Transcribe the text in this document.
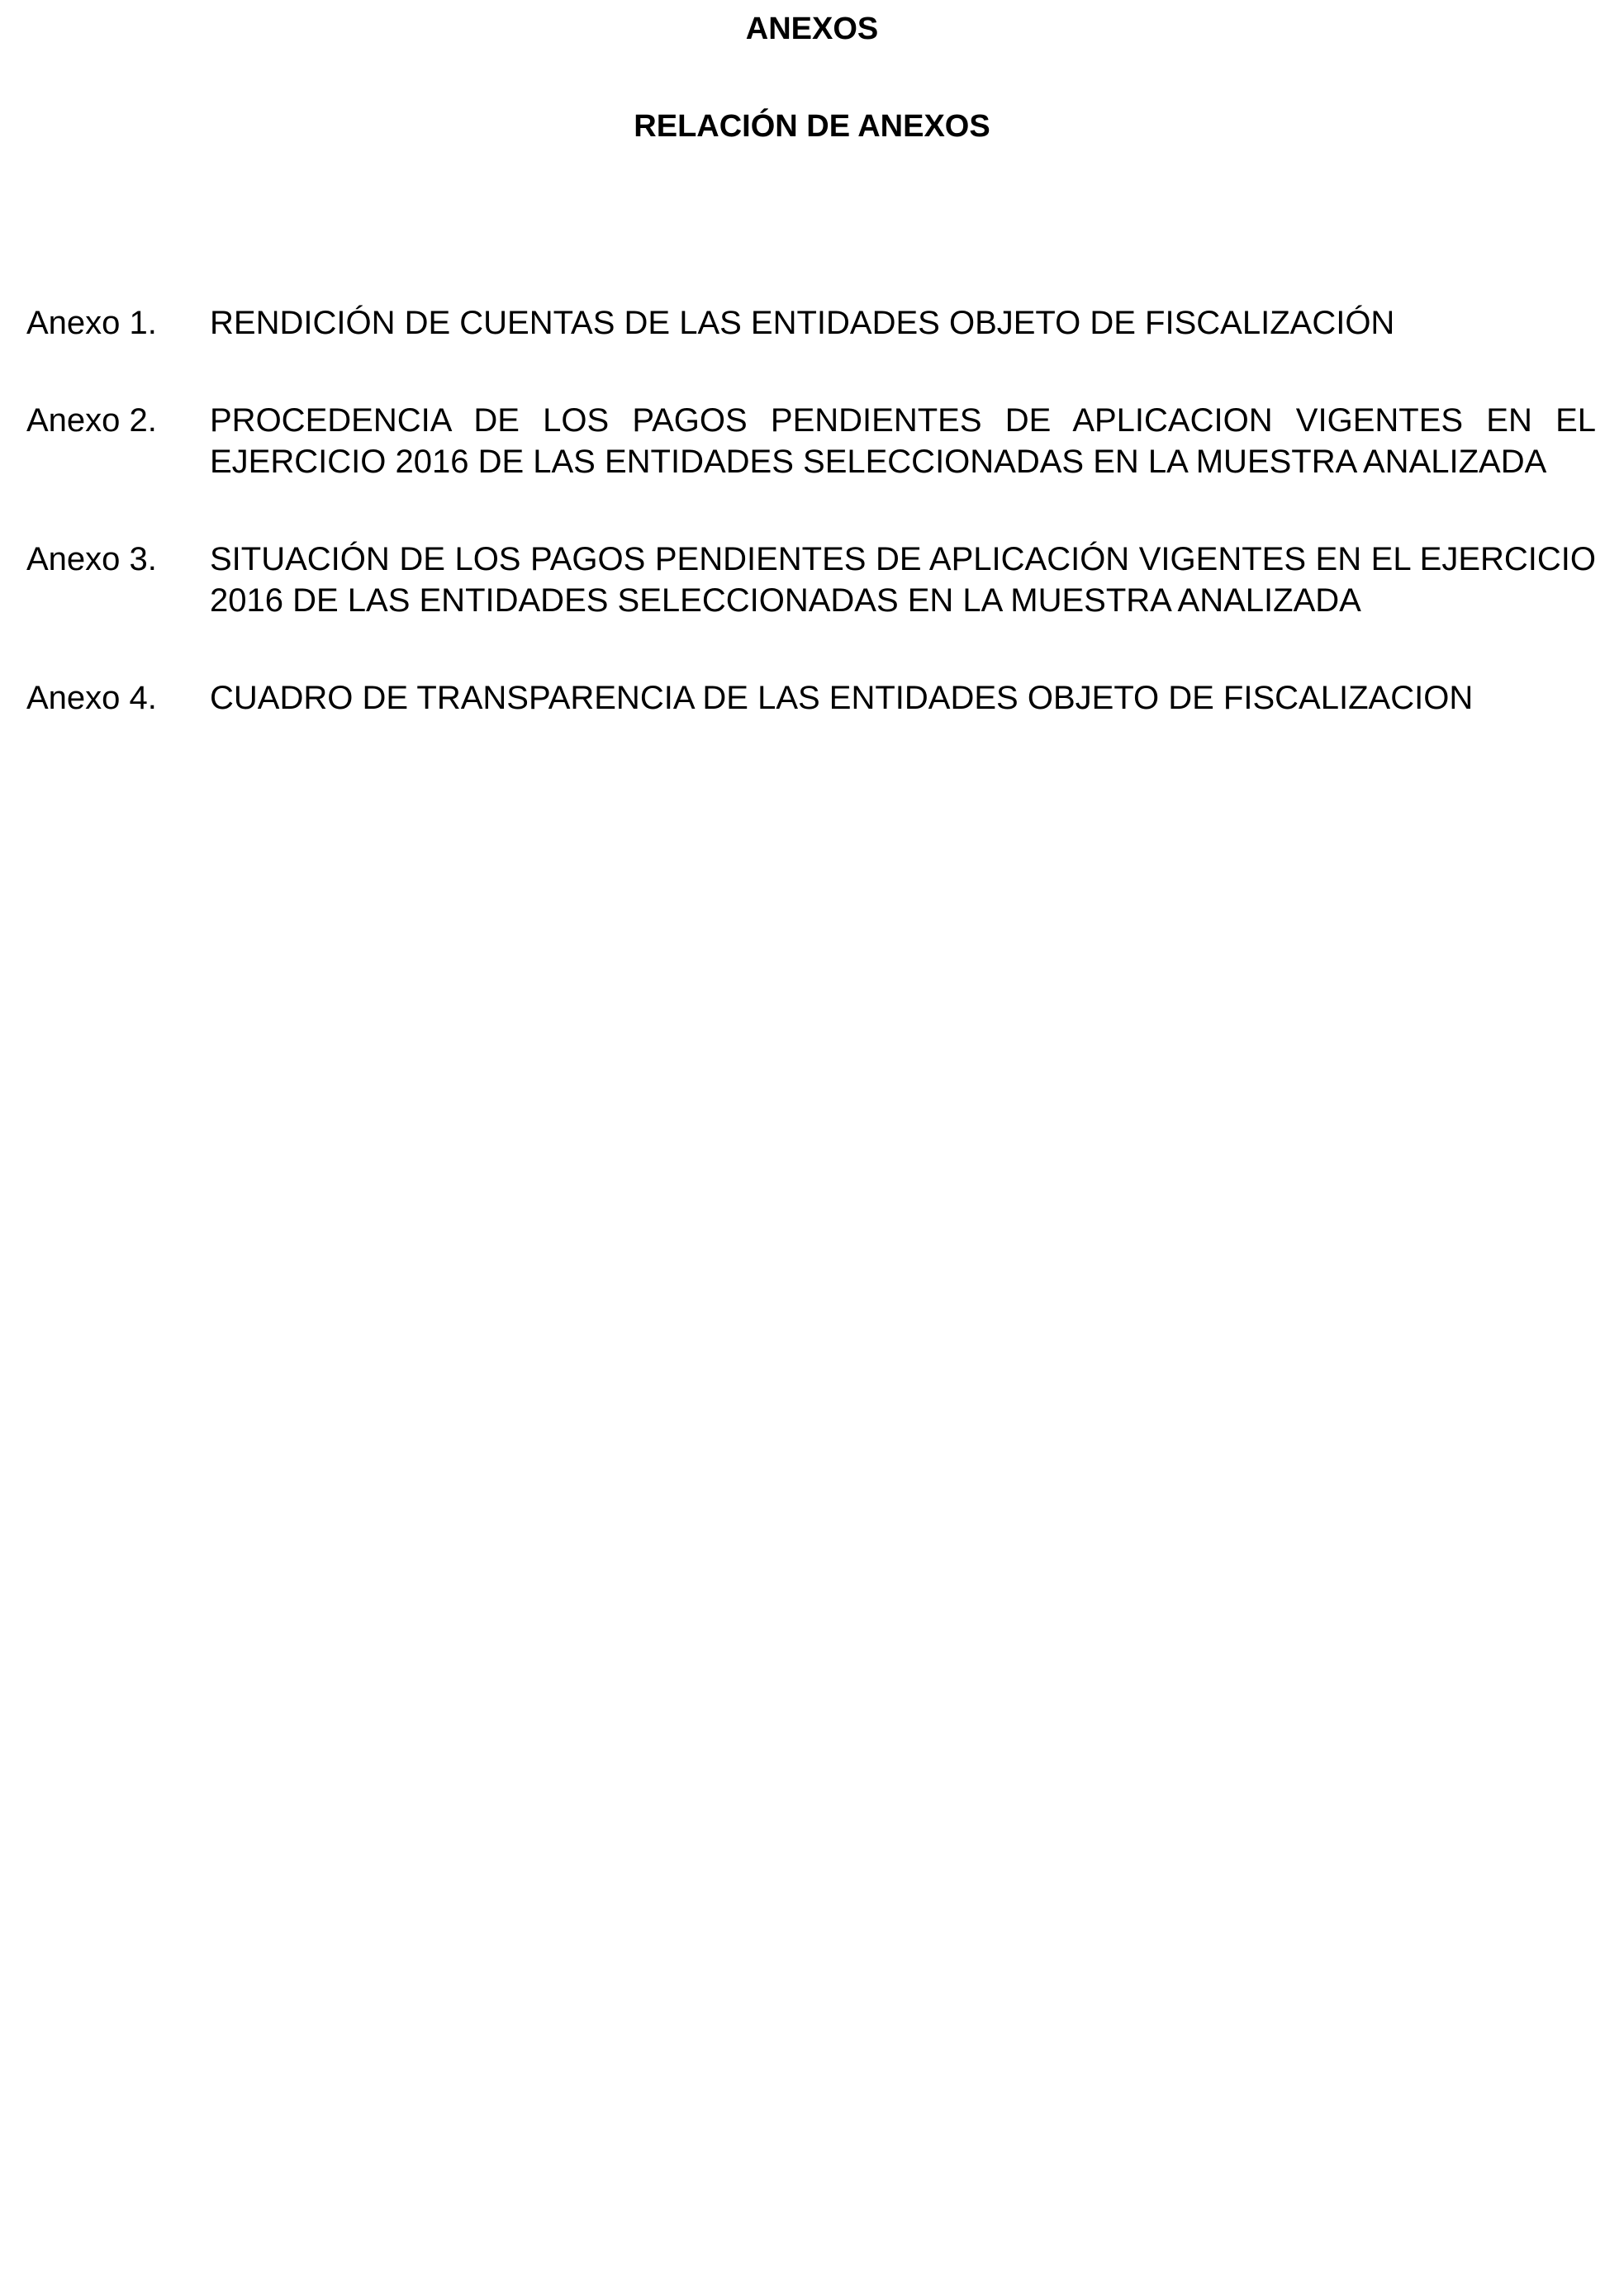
ANEXOS
RELACIÓN DE ANEXOS
Anexo 1.	RENDICIÓN DE CUENTAS DE LAS ENTIDADES OBJETO DE FISCALIZACIÓN
Anexo 2.	PROCEDENCIA DE LOS PAGOS PENDIENTES DE APLICACION VIGENTES EN EL EJERCICIO 2016 DE LAS ENTIDADES SELECCIONADAS EN LA MUESTRA ANALIZADA
Anexo 3.	SITUACIÓN DE LOS PAGOS PENDIENTES DE APLICACIÓN VIGENTES EN EL EJERCICIO 2016 DE LAS ENTIDADES SELECCIONADAS EN LA MUESTRA ANALIZADA
Anexo 4.	CUADRO DE TRANSPARENCIA DE LAS ENTIDADES OBJETO DE FISCALIZACION
